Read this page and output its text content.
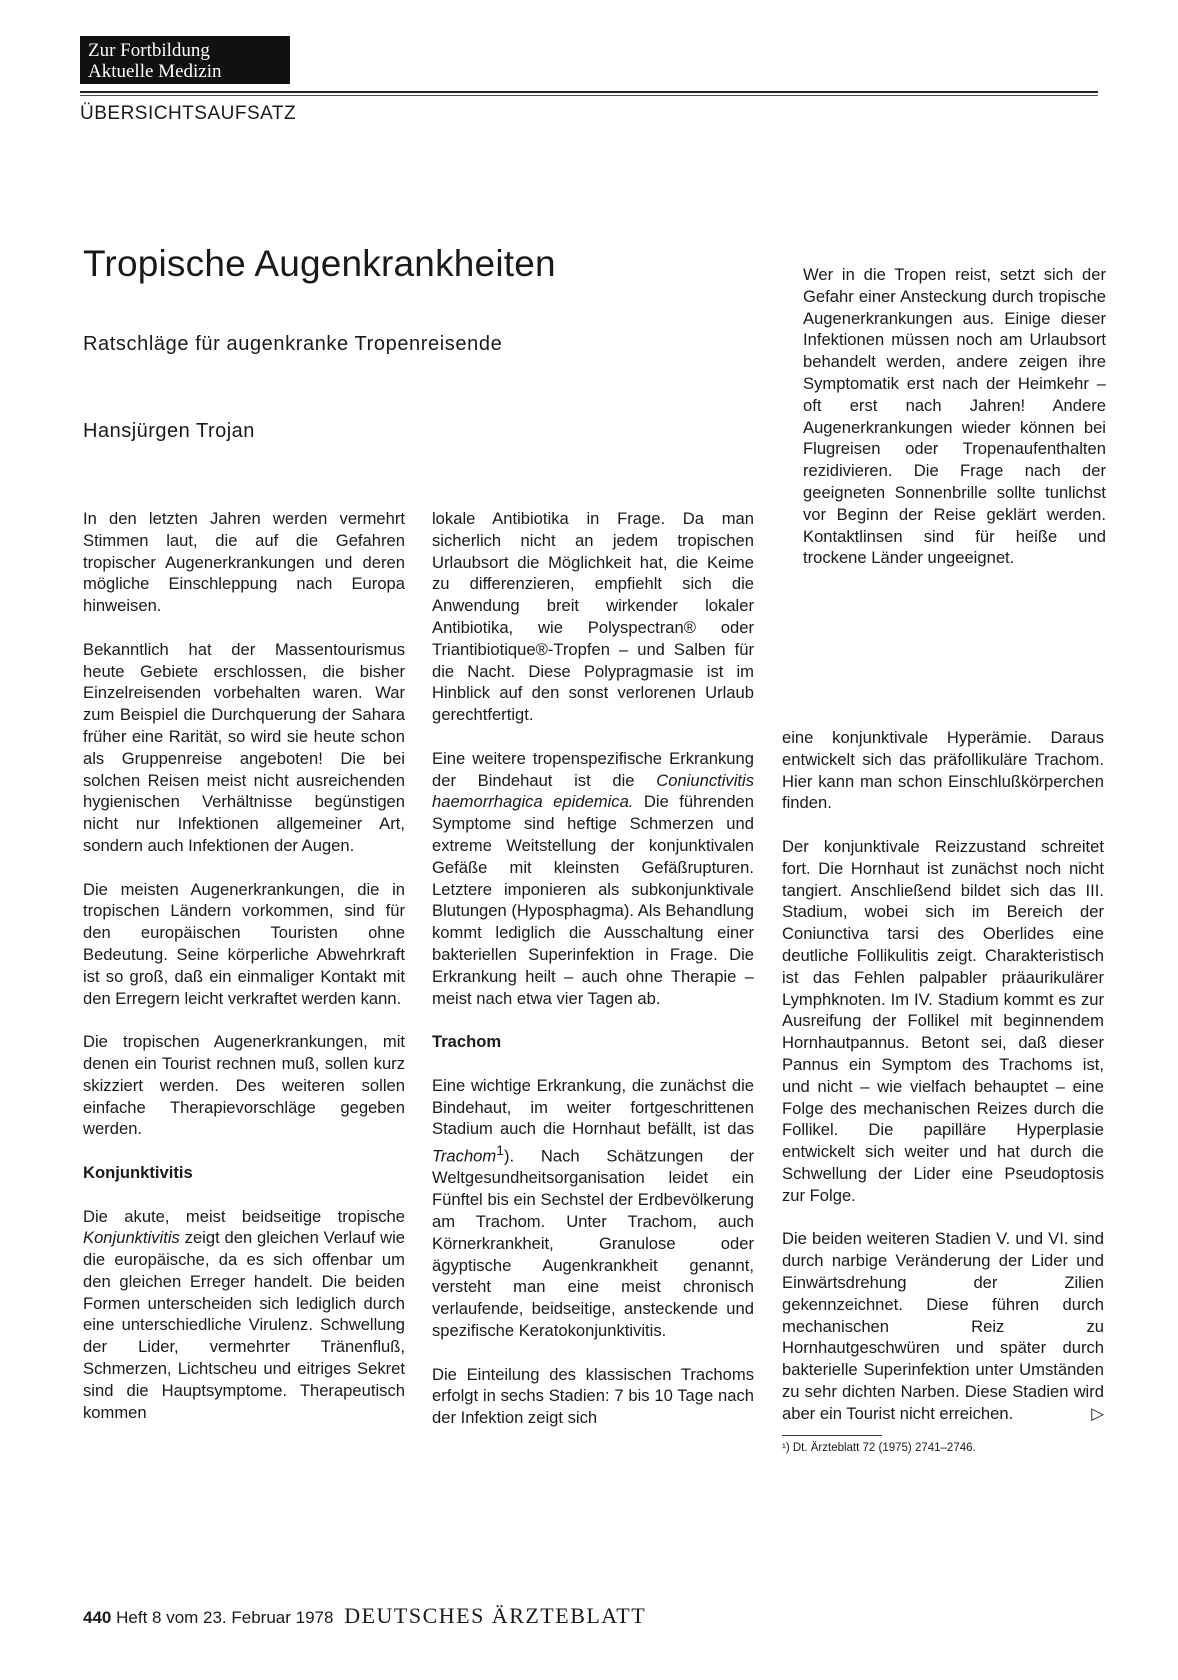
Zur Fortbildung
Aktuelle Medizin
ÜBERSICHTSAUFSATZ
Tropische Augenkrankheiten
Ratschläge für augenkranke Tropenreisende
Hansjürgen Trojan

Wer in die Tropen reist, setzt sich der Gefahr einer Ansteckung durch tropische Augenerkrankungen aus. Einige dieser Infektionen müssen noch am Urlaubsort behandelt werden, andere zeigen ihre Symptomatik erst nach der Heimkehr – oft erst nach Jahren! Andere Augenerkrankungen wieder können bei Flugreisen oder Tropenaufenthalten rezidivieren. Die Frage nach der geeigneten Sonnenbrille sollte tunlichst vor Beginn der Reise geklärt werden. Kontaktlinsen sind für heiße und trockene Länder ungeeignet.

In den letzten Jahren werden vermehrt Stimmen laut, die auf die Gefahren tropischer Augenerkrankungen und deren mögliche Einschleppung nach Europa hinweisen.

Bekanntlich hat der Massentourismus heute Gebiete erschlossen, die bisher Einzelreisenden vorbehalten waren. War zum Beispiel die Durchquerung der Sahara früher eine Rarität, so wird sie heute schon als Gruppenreise angeboten! Die bei solchen Reisen meist nicht ausreichenden hygienischen Verhältnisse begünstigen nicht nur Infektionen allgemeiner Art, sondern auch Infektionen der Augen.

Die meisten Augenerkrankungen, die in tropischen Ländern vorkommen, sind für den europäischen Touristen ohne Bedeutung. Seine körperliche Abwehrkraft ist so groß, daß ein einmaliger Kontakt mit den Erregern leicht verkraftet werden kann.

Die tropischen Augenerkrankungen, mit denen ein Tourist rechnen muß, sollen kurz skizziert werden. Des weiteren sollen einfache Therapievorschläge gegeben werden.

Konjunktivitis

Die akute, meist beidseitige tropische Konjunktivitis zeigt den gleichen Verlauf wie die europäische, da es sich offenbar um den gleichen Erreger handelt. Die beiden Formen unterscheiden sich lediglich durch eine unterschiedliche Virulenz. Schwellung der Lider, vermehrter Tränenfluß, Schmerzen, Lichtscheu und eitriges Sekret sind die Hauptsymptome. Therapeutisch kommen

lokale Antibiotika in Frage. Da man sicherlich nicht an jedem tropischen Urlaubsort die Möglichkeit hat, die Keime zu differenzieren, empfiehlt sich die Anwendung breit wirkender lokaler Antibiotika, wie Polyspectran® oder Triantibiotique®-Tropfen – und Salben für die Nacht. Diese Polypragmasie ist im Hinblick auf den sonst verlorenen Urlaub gerechtfertigt.

Eine weitere tropenspezifische Erkrankung der Bindehaut ist die Coniunctivitis haemorrhagica epidemica. Die führenden Symptome sind heftige Schmerzen und extreme Weitstellung der konjunktivalen Gefäße mit kleinsten Gefäßrupturen. Letztere imponieren als subkonjunktivale Blutungen (Hyposphagma). Als Behandlung kommt lediglich die Ausschaltung einer bakteriellen Superinfektion in Frage. Die Erkrankung heilt – auch ohne Therapie – meist nach etwa vier Tagen ab.

Trachom

Eine wichtige Erkrankung, die zunächst die Bindehaut, im weiter fortgeschrittenen Stadium auch die Hornhaut befällt, ist das Trachom$^1$). Nach Schätzungen der Weltgesundheitsorganisation leidet ein Fünftel bis ein Sechstel der Erdbevölkerung am Trachom. Unter Trachom, auch Körnerkrankheit, Granulose oder ägyptische Augenkrankheit genannt, versteht man eine meist chronisch verlaufende, beidseitige, ansteckende und spezifische Keratokonjunktivitis.

Die Einteilung des klassischen Trachoms erfolgt in sechs Stadien: 7 bis 10 Tage nach der Infektion zeigt sich

eine konjunktivale Hyperämie. Daraus entwickelt sich das präfollikuläre Trachom. Hier kann man schon Einschlußkörperchen finden.

Der konjunktivale Reizzustand schreitet fort. Die Hornhaut ist zunächst noch nicht tangiert. Anschließend bildet sich das III. Stadium, wobei sich im Bereich der Coniunctiva tarsi des Oberlides eine deutliche Follikulitis zeigt. Charakteristisch ist das Fehlen palpabler präaurikulärer Lymphknoten. Im IV. Stadium kommt es zur Ausreifung der Follikel mit beginnendem Hornhautpannus. Betont sei, daß dieser Pannus ein Symptom des Trachoms ist, und nicht – wie vielfach behauptet – eine Folge des mechanischen Reizes durch die Follikel. Die papilläre Hyperplasie entwickelt sich weiter und hat durch die Schwellung der Lider eine Pseudoptosis zur Folge.

Die beiden weiteren Stadien V. und VI. sind durch narbige Veränderung der Lider und Einwärtsdrehung der Zilien gekennzeichnet. Diese führen durch mechanischen Reiz zu Hornhautgeschwüren und später durch bakterielle Superinfektion unter Umständen zu sehr dichten Narben. Diese Stadien wird aber ein Tourist nicht erreichen.	▷

¹) Dt. Ärzteblatt 72 (1975) 2741–2746.
440 Heft 8 vom 23. Februar 1978 DEUTSCHES ÄRZTEBLATT
